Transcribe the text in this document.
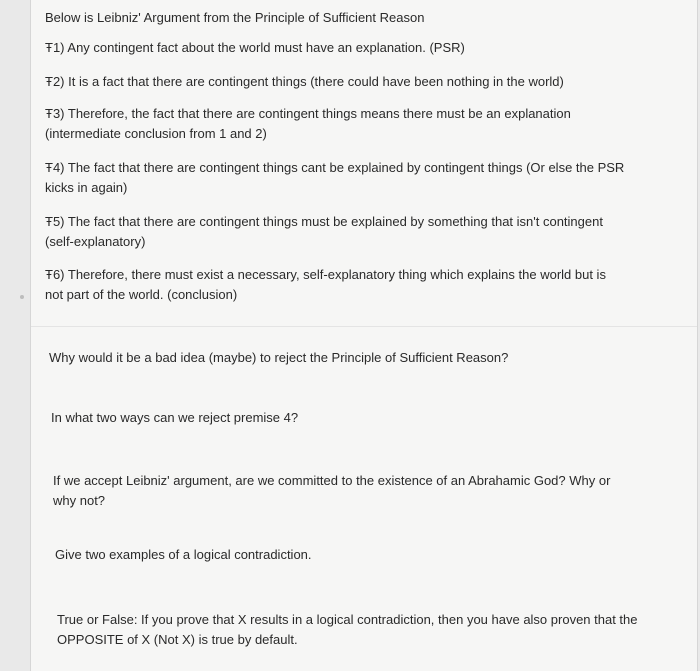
Below is Leibniz' Argument from the Principle of Sufficient Reason
Ŧ1) Any contingent fact about the world must have an explanation. (PSR)
Ŧ2) It is a fact that there are contingent things (there could have been nothing in the world)
Ŧ3) Therefore, the fact that there are contingent things means there must be an explanation
(intermediate conclusion from 1 and 2)
Ŧ4) The fact that there are contingent things cant be explained by contingent things (Or else the PSR
kicks in again)
Ŧ5) The fact that there are contingent things must be explained by something that isn't contingent
(self-explanatory)
Ŧ6) Therefore, there must exist a necessary, self-explanatory thing which explains the world but is
not part of the world. (conclusion)
Why would it be a bad idea (maybe) to reject the Principle of Sufficient Reason?
In what two ways can we reject premise 4?
If we accept Leibniz' argument, are we committed to the existence of an Abrahamic God? Why or
why not?
Give two examples of a logical contradiction.
True or False: If you prove that X results in a logical contradiction, then you have also proven that the
OPPOSITE of X (Not X) is true by default.
